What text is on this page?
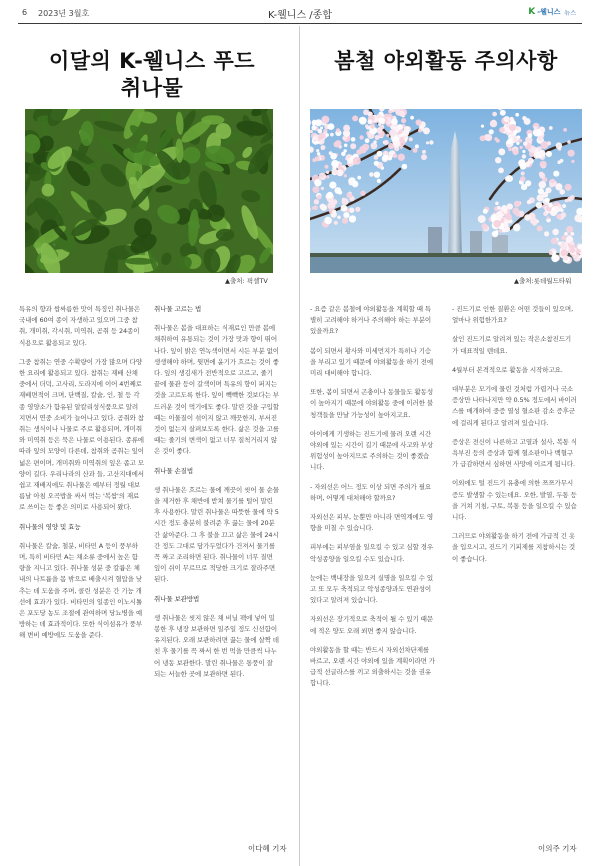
6 2023년 3월호	K-웰니스 /종합	K -웰니스 뉴스
이달의 K-웰니스 푸드
취나물
▲출처: 픽셀TV

특유의 향과 쌉싸름한 맛이 특징인 취나물은 국내에 60여 종이 자생하고 있으며 그중 참취, 개미취, 각시취, 미역취, 곰취 등 24종이 식용으로 활용되고 있다.

그중 참취는 연중 수확량이 가장 많으며 다양한 요리에 활용되고 있다. 참취는 재배 산채 중에서 더덕, 고사리, 도라지에 이어 4번째로 재배면적이 크며, 단백질, 칼슘, 인, 철 등 각종 영양소가 함유된 알칼리성식품으로 알려지면서 연중 소비가 늘어나고 있다. 곰취와 참취는 생식이나 나물로 주로 활용되며, 개미취와 미역취 등은 묵은 나물로 이용된다. 종류에 따라 잎의 모양이 다른데, 참취와 곰취는 잎이 넓은 편이며, 개미취와 미역취의 잎은 좁고 모양이 길다. 우리나라의 산과 들, 고산지대에서 쉽고 재배지에도 취나물은 예부터 정월 대보름날 아침 오곡밥을 싸서 먹는 '복쌈'의 재료로 쓰이는 등 좋은 의미로 사용되어 왔다.

취나물의 영양 및 효능

취나물은 칼슘, 철분, 비타민 A 등이 풍부하며, 특히 비타민 A는 채소류 중에서 높은 함량을 지니고 있다. 취나물 성분 중 칼륨은 체내의 나트륨을 몸 밖으로 배출시켜 혈압을 낮추는 데 도움을 주며, 콜린 성분은 간 기능 개선에 효과가 있다. 비타민의 일종인 이노시톨은 포도당 농도 조절에 관여하며 당뇨병을 예방하는 데 효과적이다. 또한 식이섬유가 풍부해 변비 예방에도 도움을 준다.

취나물 고르는 법

취나물은 봄을 대표하는 식재료인 만큼 봄에 채취하여 유통되는 것이 가장 맛과 향이 뛰어나다. 잎이 밝은 연녹색이면서 시든 부분 없이 생생해야 하며, 뒷면에 윤기가 흐르는 것이 좋다. 잎의 생김새가 전반적으로 고르고, 줄기 끝에 물관 등이 갈색이며 특유의 향이 퍼지는 것을 고르도록 한다. 잎이 빽빽한 것보다는 부드러운 것이 먹기에도 좋다. 말린 것을 구입할 때는 이물질이 섞이지 않고 깨끗한지, 부서진 것이 없는지 살펴보도록 한다. 삶은 것을 고를 때는 줄기의 변색이 없고 너무 질척거리지 않은 것이 좋다.

취나물 손질법

생 취나물은 흐르는 물에 깨끗이 씻어 물 순물을 제거한 후 채반에 받쳐 물기를 털어 말린 후 사용한다. 말린 취나물은 따뜻한 물에 약 5시간 정도 충분히 불려준 후 끓는 물에 20분간 삶아준다. 그 후 불을 끄고 삶은 물에 24시간 정도 그대로 담가두었다가 건져서 물기를 꼭 짜고 조리하면 된다. 취나물이 너무 질면 잎이 쉬이 무르므로 적당한 크기로 잘라주면 된다.

취나물 보관방법

생 취나물은 씻지 않은 채 비닐 팩에 넣어 밀봉한 후 냉장 보관하면 일주일 정도 신선함이 유지된다. 오래 보관하려면 끓는 물에 살짝 데친 후 물기를 꼭 짜서 한 번 먹을 만큼씩 나누어 냉동 보관한다. 말린 취나물은 통풍이 잘 되는 서늘한 곳에 보관하면 된다.

이다혜 기자
봄철 야외활동 주의사항
▲출처:롯데월드타워

- 요즘 같은 봄철에 야외활동을 계획할 때 특별히 고려해야 하거나 주의해야 하는 부분이 있을까요?

봄이 되면서 황사와 미세먼지가 특히나 기승을 부리고 있기 때문에 야외활동을 하기 전에 미리 대비해야 합니다.

또한, 봄이 되면서 곤충이나 동물들도 활동성이 높아지기 때문에 야외활동 중에 이러한 불청객들을 만날 가능성이 높아지고요.

아이에게 기생하는 진드기에 물려 오랜 시간 야외에 있는 시간이 길기 때문에 사고와 부상 위험성이 높아지므로 주의하는 것이 좋겠습니다.

- 자외선은 어느 정도 이상 되면 주의가 필요하며, 어떻게 대처해야 할까요?

자외선은 피부, 눈뿐만 아니라 면역계에도 영향을 미칠 수 있습니다.

피부에는 피부염을 일으킬 수 있고 심할 경우 악성종양을 일으킬 수도 있습니다.

눈에는 백내장을 일으켜 실명을 일으킬 수 있고 또 모두 축적되고 악성종양과도 연관성이 있다고 알려져 있습니다.

자외선은 장기적으로 축적이 될 수 있기 때문에 적은 양도 오래 쐬면 좋지 않습니다.

야외활동을 할 때는 반드시 자외선차단제를 바르고, 오랜 시간 야외에 있을 계획이라면 가급적 선글라스를 끼고 외출하시는 것을 권유합니다.

- 진드기로 인한 질환은 어떤 것들이 있으며, 얼마나 위험한가요?

살인 진드기로 알려져 있는 작은소참진드기가 대표적일 텐데요.

4월부터 본격적으로 활동을 시작하고요.

대부분은 모기에 물린 것처럼 가렵거나 국소 증상만 나타나지만 약 0.5% 정도에서 바이러스를 매개하여 중증 열성 혈소판 감소 증후군에 걸리게 된다고 알려져 있습니다.

증상은 전신이 나른하고 고열과 설사, 복통 식욕부진 등의 증상과 함께 혈소판이나 백혈구가 급감하면서 심하면 사망에 이르게 됩니다.

이외에도 털 진드기 유충에 의한 쯔쯔가무시증도 발생할 수 있는데요. 오한, 발열, 두통 등을 거쳐 기침, 구토, 복통 등을 일으킬 수 있습니다.

그러므로 야외활동을 하기 전에 가급적 긴 옷을 입으시고, 진드기 기피제를 지참하시는 것이 좋습니다.

이의주 기자
